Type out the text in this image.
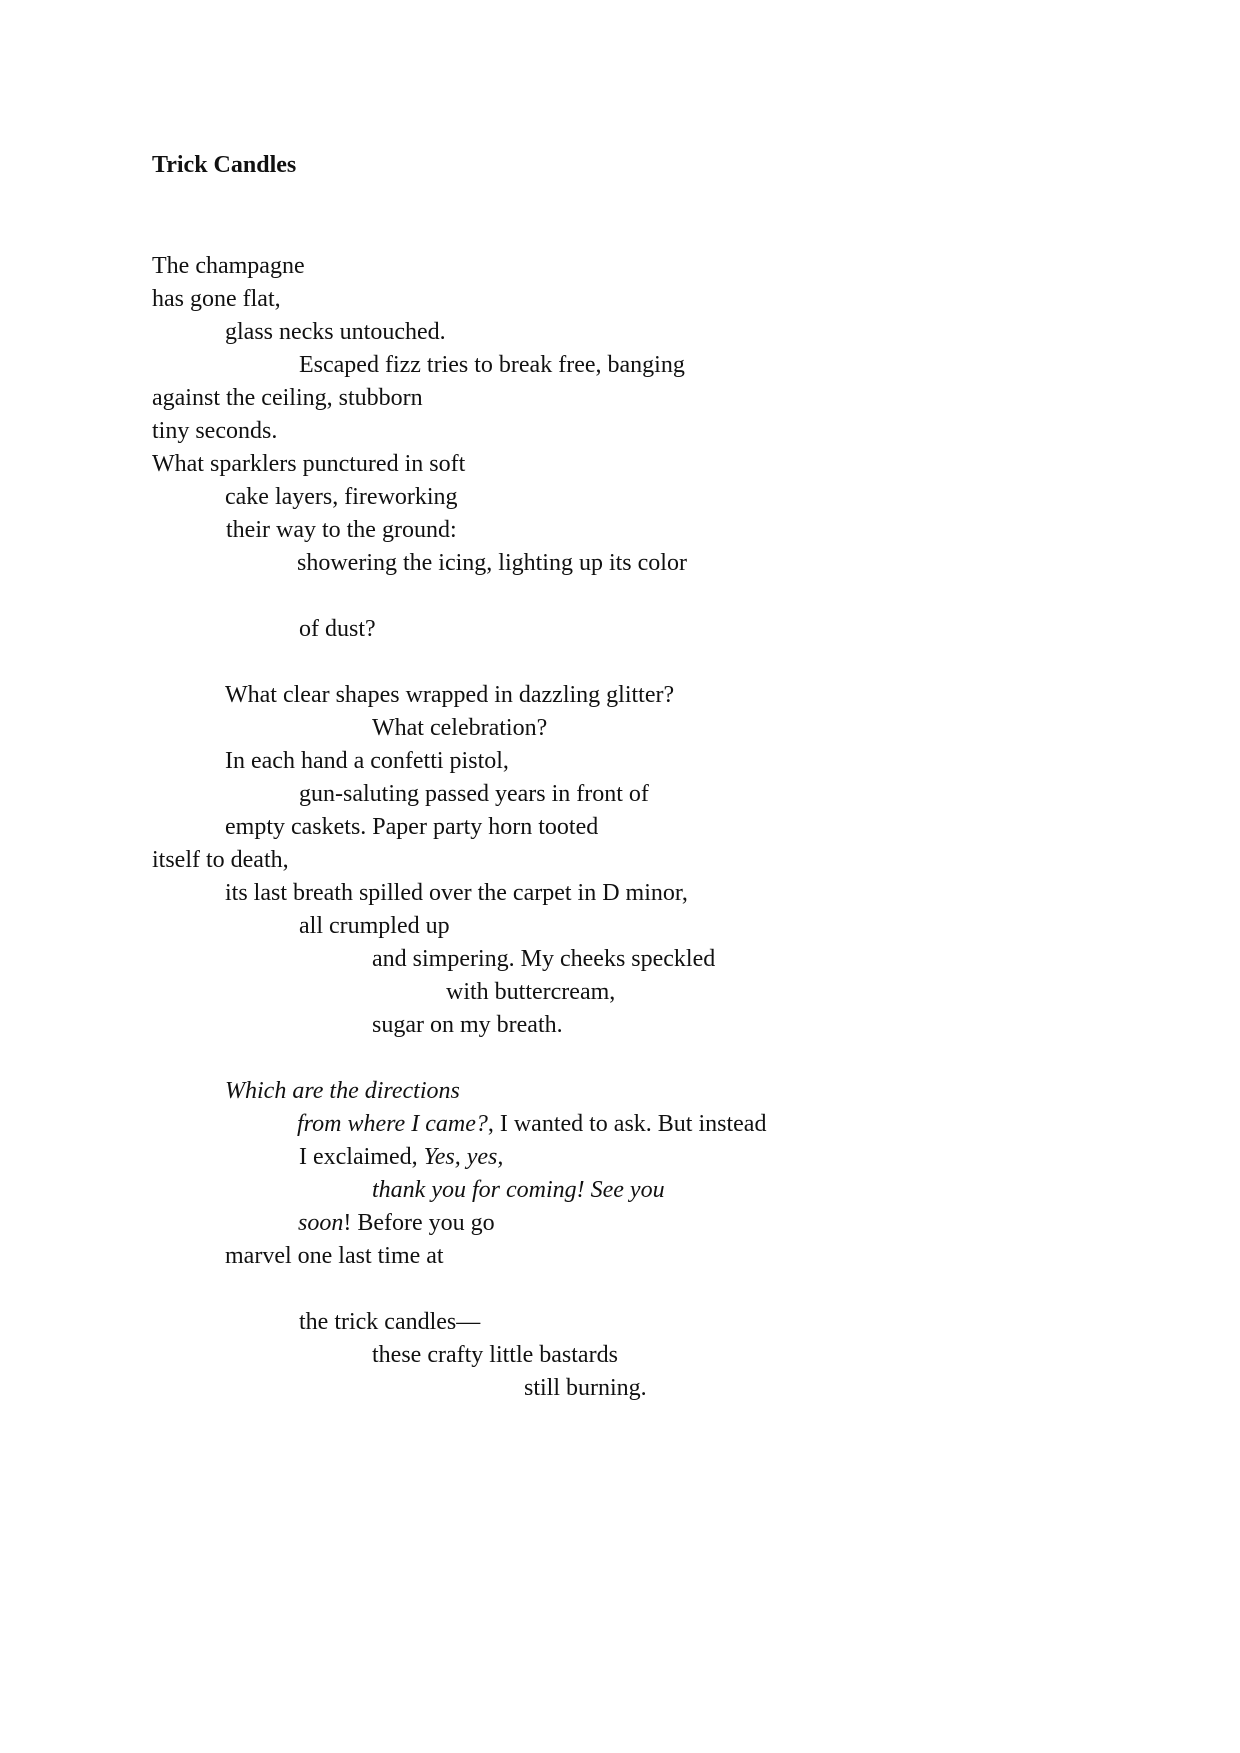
Trick Candles
The champagne
has gone flat,
glass necks untouched.
Escaped fizz tries to break free, banging
against the ceiling, stubborn
tiny seconds.
What sparklers punctured in soft
cake layers, fireworking
their way to the ground:
showering the icing, lighting up its color
of dust?
What clear shapes wrapped in dazzling glitter?
What celebration?
In each hand a confetti pistol,
gun-saluting passed years in front of
empty caskets. Paper party horn tooted
itself to death,
its last breath spilled over the carpet in D minor,
all crumpled up
and simpering. My cheeks speckled
with buttercream,
sugar on my breath.
Which are the directions
from where I came?, I wanted to ask. But instead
I exclaimed, Yes, yes,
thank you for coming! See you
soon! Before you go
marvel one last time at
the trick candles—
these crafty little bastards
still burning.
